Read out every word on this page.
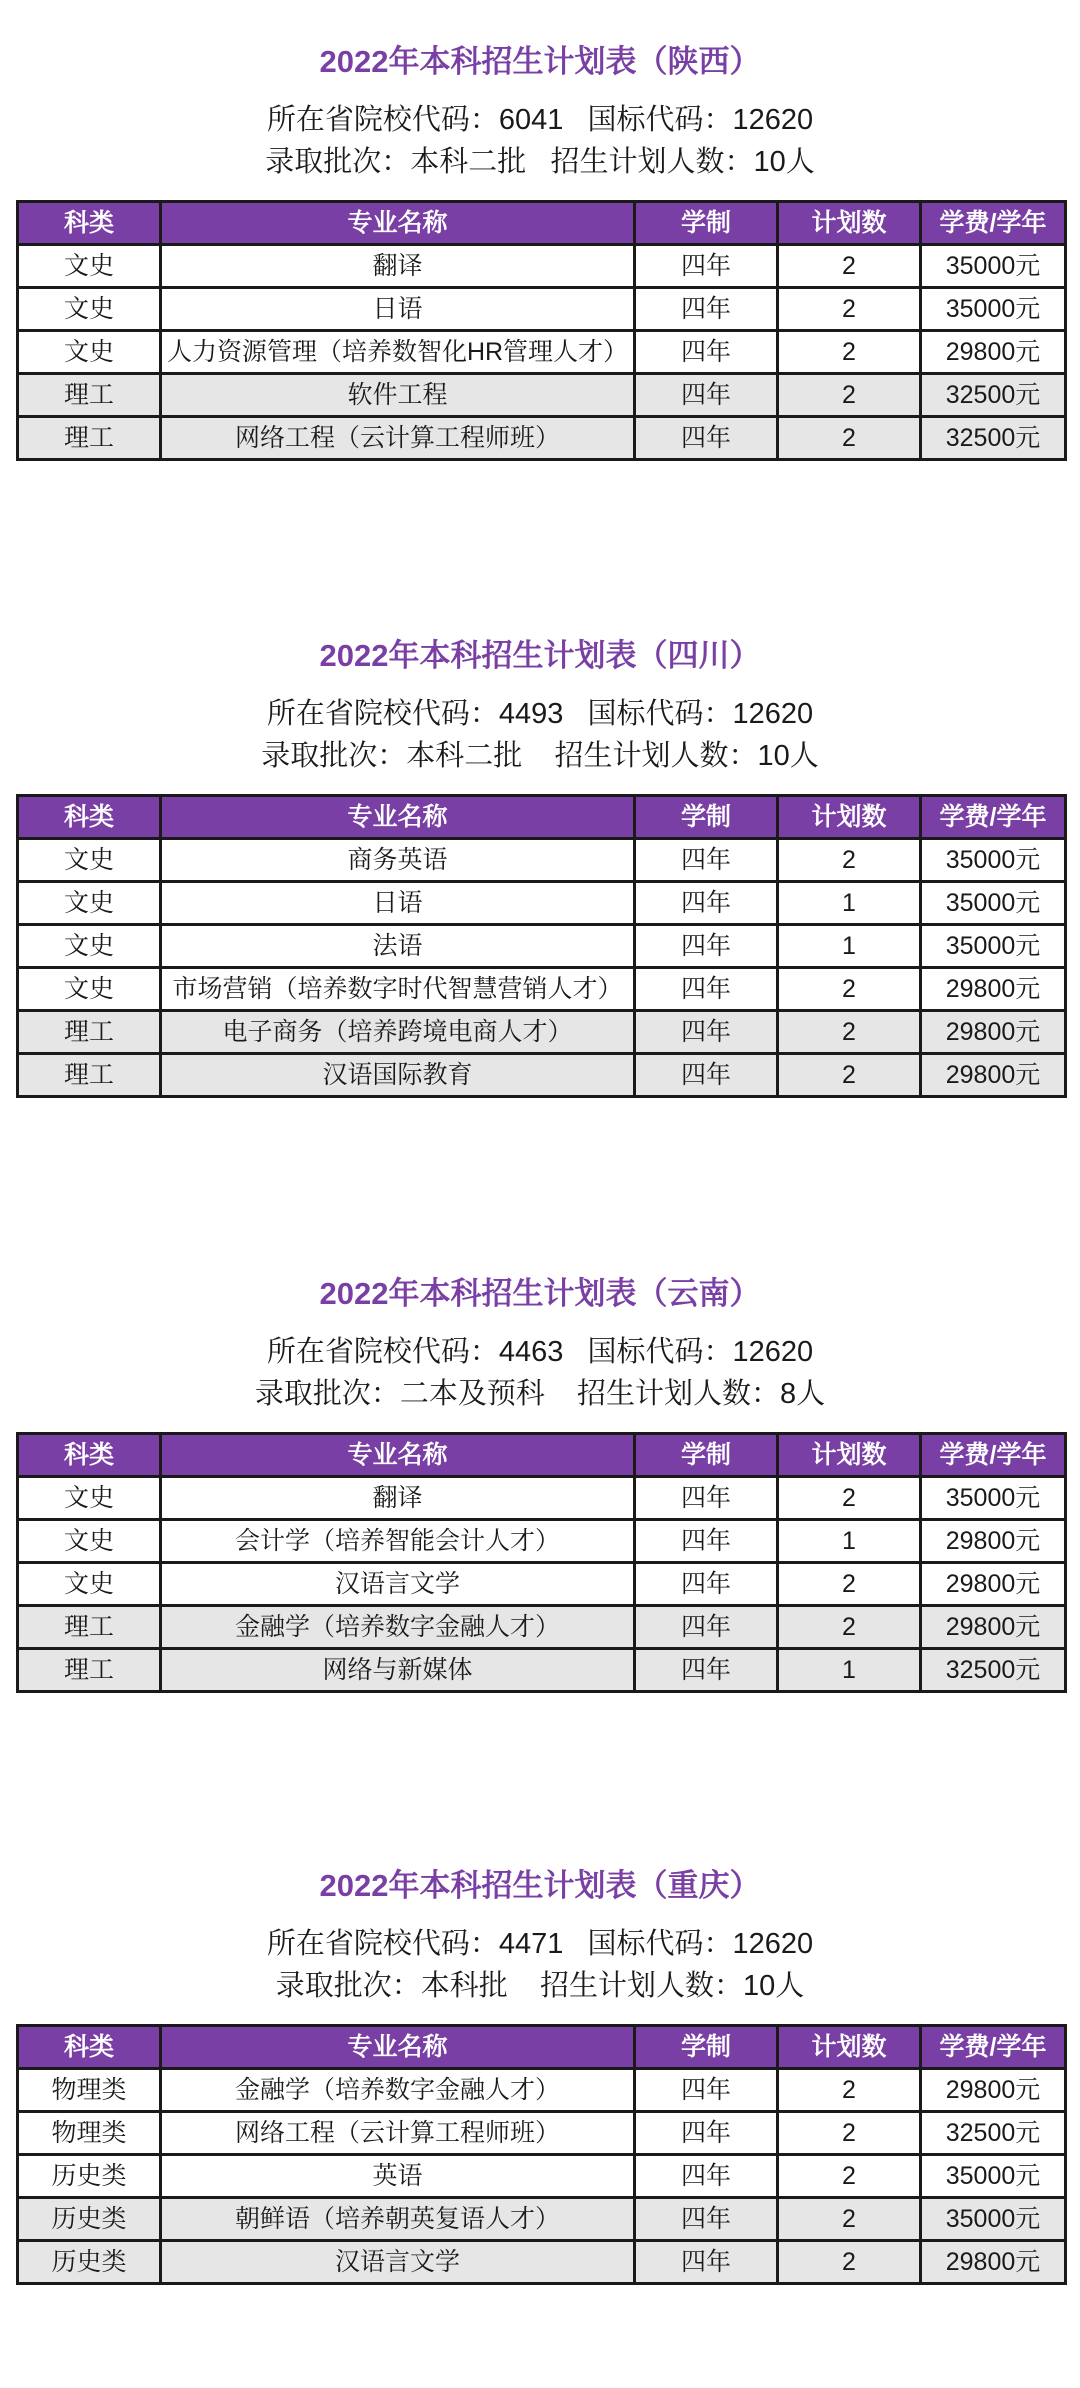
2022年本科招生计划表（陕西）
所在省院校代码：6041   国标代码：12620
录取批次：本科二批   招生计划人数：10人
科类	专业名称	学制	计划数	学费/学年
文史	翻译	四年	2	35000元
文史	日语	四年	2	35000元
文史	人力资源管理（培养数智化HR管理人才）	四年	2	29800元
理工	软件工程	四年	2	32500元
理工	网络工程（云计算工程师班）	四年	2	32500元
2022年本科招生计划表（四川）
所在省院校代码：4493   国标代码：12620
录取批次：本科二批    招生计划人数：10人
科类	专业名称	学制	计划数	学费/学年
文史	商务英语	四年	2	35000元
文史	日语	四年	1	35000元
文史	法语	四年	1	35000元
文史	市场营销（培养数字时代智慧营销人才）	四年	2	29800元
理工	电子商务（培养跨境电商人才）	四年	2	29800元
理工	汉语国际教育	四年	2	29800元
2022年本科招生计划表（云南）
所在省院校代码：4463   国标代码：12620
录取批次：二本及预科    招生计划人数：8人
科类	专业名称	学制	计划数	学费/学年
文史	翻译	四年	2	35000元
文史	会计学（培养智能会计人才）	四年	1	29800元
文史	汉语言文学	四年	2	29800元
理工	金融学（培养数字金融人才）	四年	2	29800元
理工	网络与新媒体	四年	1	32500元
2022年本科招生计划表（重庆）
所在省院校代码：4471   国标代码：12620
录取批次：本科批    招生计划人数：10人
科类	专业名称	学制	计划数	学费/学年
物理类	金融学（培养数字金融人才）	四年	2	29800元
物理类	网络工程（云计算工程师班）	四年	2	32500元
历史类	英语	四年	2	35000元
历史类	朝鲜语（培养朝英复语人才）	四年	2	35000元
历史类	汉语言文学	四年	2	29800元
